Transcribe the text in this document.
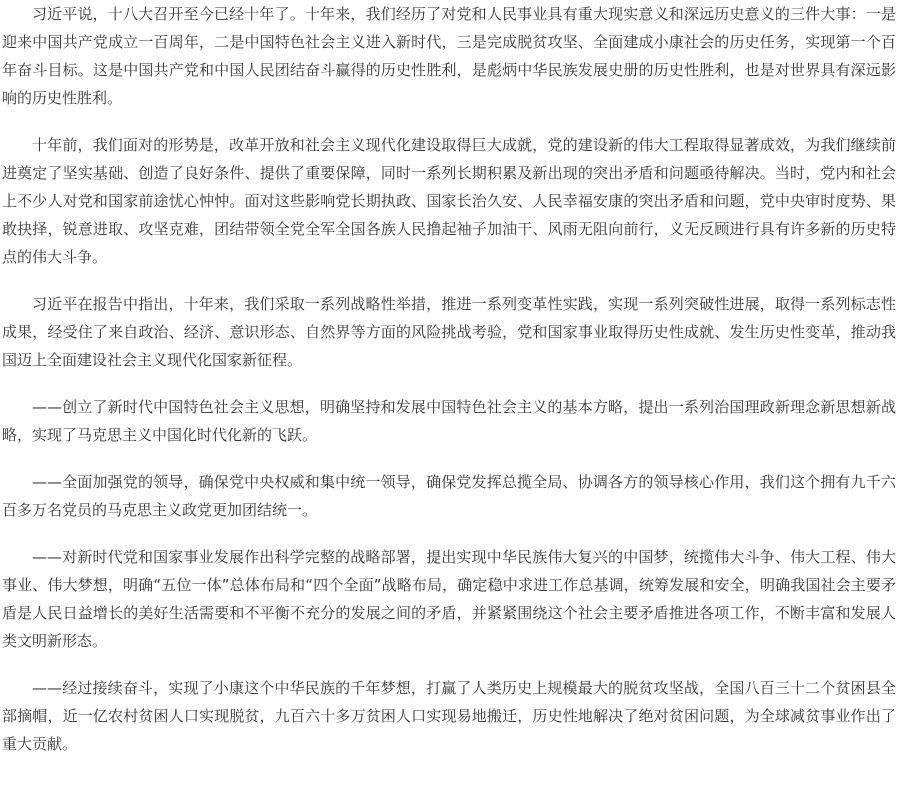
习近平说，十八大召开至今已经十年了。十年来，我们经历了对党和人民事业具有重大现实意义和深远历史意义的三件大事：一是迎来中国共产党成立一百周年，二是中国特色社会主义进入新时代，三是完成脱贫攻坚、全面建成小康社会的历史任务，实现第一个百年奋斗目标。这是中国共产党和中国人民团结奋斗赢得的历史性胜利，是彪炳中华民族发展史册的历史性胜利，也是对世界具有深远影响的历史性胜利。

十年前，我们面对的形势是，改革开放和社会主义现代化建设取得巨大成就，党的建设新的伟大工程取得显著成效，为我们继续前进奠定了坚实基础、创造了良好条件、提供了重要保障，同时一系列长期积累及新出现的突出矛盾和问题亟待解决。当时，党内和社会上不少人对党和国家前途忧心忡忡。面对这些影响党长期执政、国家长治久安、人民幸福安康的突出矛盾和问题，党中央审时度势、果敢抉择，锐意进取、攻坚克难，团结带领全党全军全国各族人民撸起袖子加油干、风雨无阻向前行，义无反顾进行具有许多新的历史特点的伟大斗争。

习近平在报告中指出，十年来，我们采取一系列战略性举措，推进一系列变革性实践，实现一系列突破性进展，取得一系列标志性成果，经受住了来自政治、经济、意识形态、自然界等方面的风险挑战考验，党和国家事业取得历史性成就、发生历史性变革，推动我国迈上全面建设社会主义现代化国家新征程。

——创立了新时代中国特色社会主义思想，明确坚持和发展中国特色社会主义的基本方略，提出一系列治国理政新理念新思想新战略，实现了马克思主义中国化时代化新的飞跃。

——全面加强党的领导，确保党中央权威和集中统一领导，确保党发挥总揽全局、协调各方的领导核心作用，我们这个拥有九千六百多万名党员的马克思主义政党更加团结统一。

——对新时代党和国家事业发展作出科学完整的战略部署，提出实现中华民族伟大复兴的中国梦，统揽伟大斗争、伟大工程、伟大事业、伟大梦想，明确“五位一体”总体布局和“四个全面”战略布局，确定稳中求进工作总基调，统筹发展和安全，明确我国社会主要矛盾是人民日益增长的美好生活需要和不平衡不充分的发展之间的矛盾，并紧紧围绕这个社会主要矛盾推进各项工作，不断丰富和发展人类文明新形态。

——经过接续奋斗，实现了小康这个中华民族的千年梦想，打赢了人类历史上规模最大的脱贫攻坚战，全国八百三十二个贫困县全部摘帽，近一亿农村贫困人口实现脱贫，九百六十多万贫困人口实现易地搬迁，历史性地解决了绝对贫困问题，为全球减贫事业作出了重大贡献。
